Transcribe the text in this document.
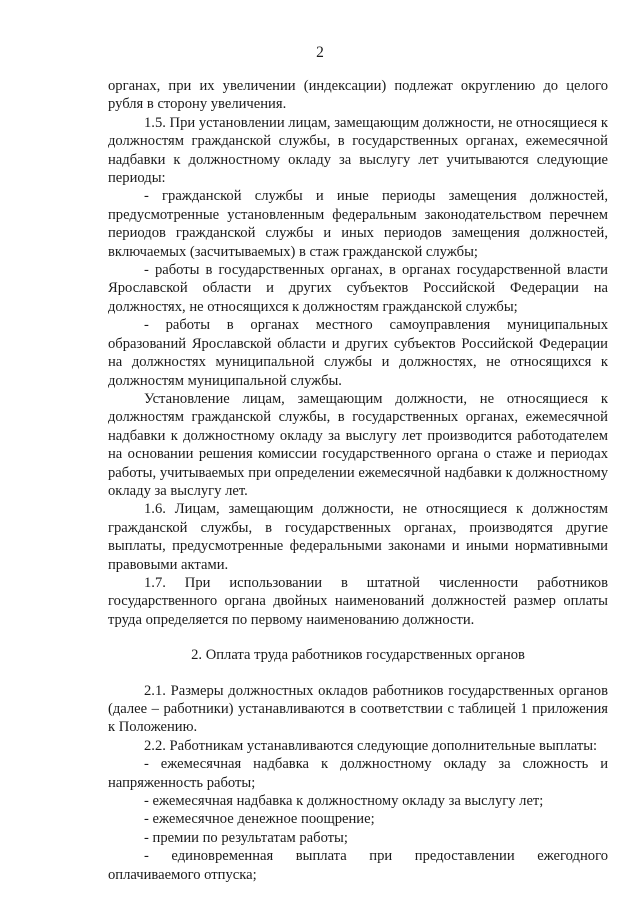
2

органах, при их увеличении (индексации) подлежат округлению до целого рубля в сторону увеличения.

1.5. При установлении лицам, замещающим должности, не относящиеся к должностям гражданской службы, в государственных органах, ежемесячной надбавки к должностному окладу за выслугу лет учитываются следующие периоды:

- гражданской службы и иные периоды замещения должностей, предусмотренные установленным федеральным законодательством перечнем периодов гражданской службы и иных периодов замещения должностей, включаемых (засчитываемых) в стаж гражданской службы;

- работы в государственных органах, в органах государственной власти Ярославской области и других субъектов Российской Федерации на должностях, не относящихся к должностям гражданской службы;

- работы в органах местного самоуправления муниципальных образований Ярославской области и других субъектов Российской Федерации на должностях муниципальной службы и должностях, не относящихся к должностям муниципальной службы.

Установление лицам, замещающим должности, не относящиеся к должностям гражданской службы, в государственных органах, ежемесячной надбавки к должностному окладу за выслугу лет производится работодателем на основании решения комиссии государственного органа о стаже и периодах работы, учитываемых при определении ежемесячной надбавки к должностному окладу за выслугу лет.

1.6. Лицам, замещающим должности, не относящиеся к должностям гражданской службы, в государственных органах, производятся другие выплаты, предусмотренные федеральными законами и иными нормативными правовыми актами.

1.7. При использовании в штатной численности работников государственного органа двойных наименований должностей размер оплаты труда определяется по первому наименованию должности.

2. Оплата труда работников государственных органов

2.1. Размеры должностных окладов работников государственных органов (далее – работники) устанавливаются в соответствии с таблицей 1 приложения к Положению.

2.2. Работникам устанавливаются следующие дополнительные выплаты:

- ежемесячная надбавка к должностному окладу за сложность и напряженность работы;

- ежемесячная надбавка к должностному окладу за выслугу лет;

- ежемесячное денежное поощрение;

- премии по результатам работы;

- единовременная выплата при предоставлении ежегодного оплачиваемого отпуска;
